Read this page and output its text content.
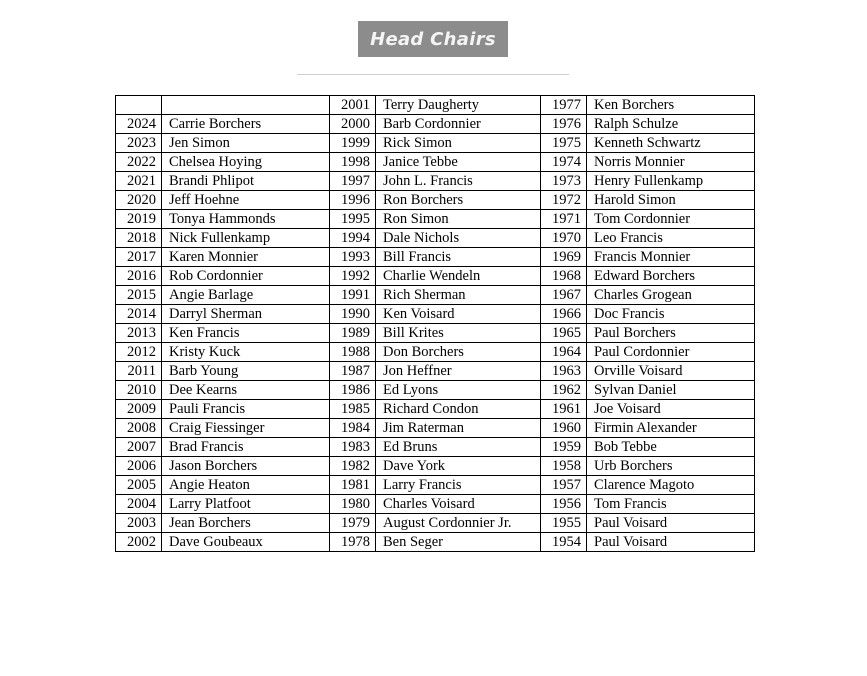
Head Chairs
		2001	Terry Daugherty	1977	Ken Borchers
2024	Carrie Borchers	2000	Barb Cordonnier	1976	Ralph Schulze
2023	Jen Simon	1999	Rick Simon	1975	Kenneth Schwartz
2022	Chelsea Hoying	1998	Janice Tebbe	1974	Norris Monnier
2021	Brandi Phlipot	1997	John L. Francis	1973	Henry Fullenkamp
2020	Jeff Hoehne	1996	Ron Borchers	1972	Harold Simon
2019	Tonya Hammonds	1995	Ron Simon	1971	Tom Cordonnier
2018	Nick Fullenkamp	1994	Dale Nichols	1970	Leo Francis
2017	Karen Monnier	1993	Bill Francis	1969	Francis Monnier
2016	Rob Cordonnier	1992	Charlie Wendeln	1968	Edward Borchers
2015	Angie Barlage	1991	Rich Sherman	1967	Charles Grogean
2014	Darryl Sherman	1990	Ken Voisard	1966	Doc Francis
2013	Ken Francis	1989	Bill Krites	1965	Paul Borchers
2012	Kristy Kuck	1988	Don Borchers	1964	Paul Cordonnier
2011	Barb Young	1987	Jon Heffner	1963	Orville Voisard
2010	Dee Kearns	1986	Ed Lyons	1962	Sylvan Daniel
2009	Pauli Francis	1985	Richard Condon	1961	Joe Voisard
2008	Craig Fiessinger	1984	Jim Raterman	1960	Firmin Alexander
2007	Brad Francis	1983	Ed Bruns	1959	Bob Tebbe
2006	Jason Borchers	1982	Dave York	1958	Urb Borchers
2005	Angie Heaton	1981	Larry Francis	1957	Clarence Magoto
2004	Larry Platfoot	1980	Charles Voisard	1956	Tom Francis
2003	Jean Borchers	1979	August Cordonnier Jr.	1955	Paul Voisard
2002	Dave Goubeaux	1978	Ben Seger	1954	Paul Voisard
